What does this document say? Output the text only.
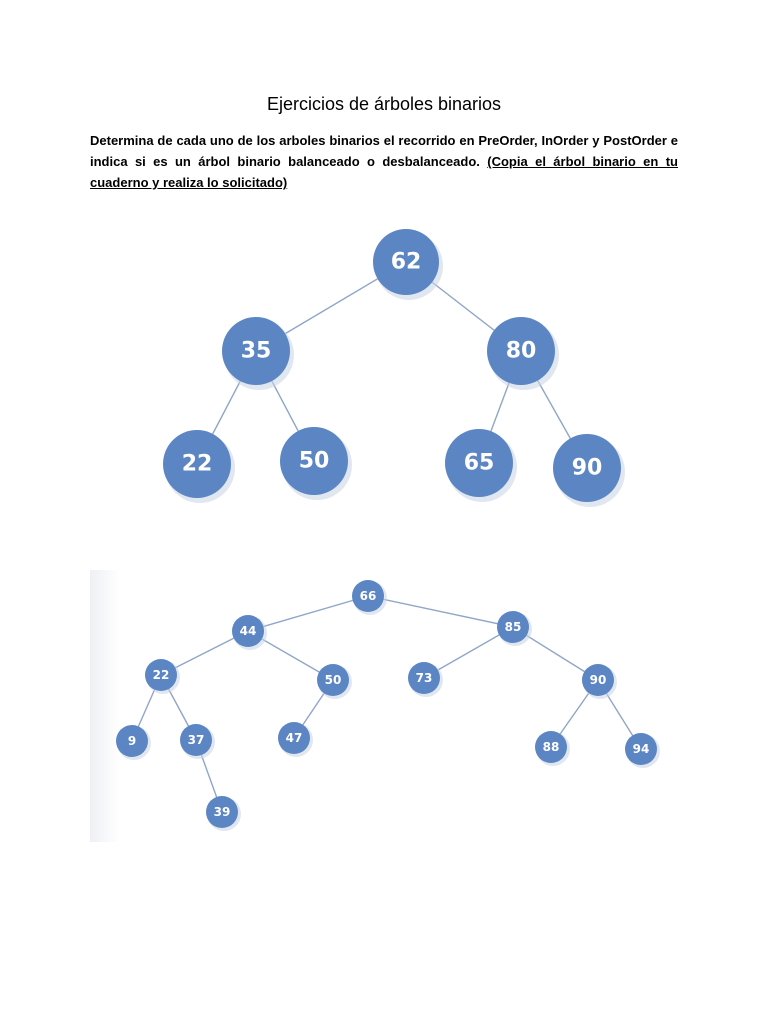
Ejercicios de árboles binarios

Determina de cada uno de los arboles binarios el recorrido en PreOrder, InOrder y PostOrder e indica si es un árbol binario balanceado o desbalanceado. (Copia el árbol binario en tu cuaderno y realiza lo solicitado)

62
35	80
22	50	65	90
66
44	85
22	50	73	90
9	37	47
88	94
39
